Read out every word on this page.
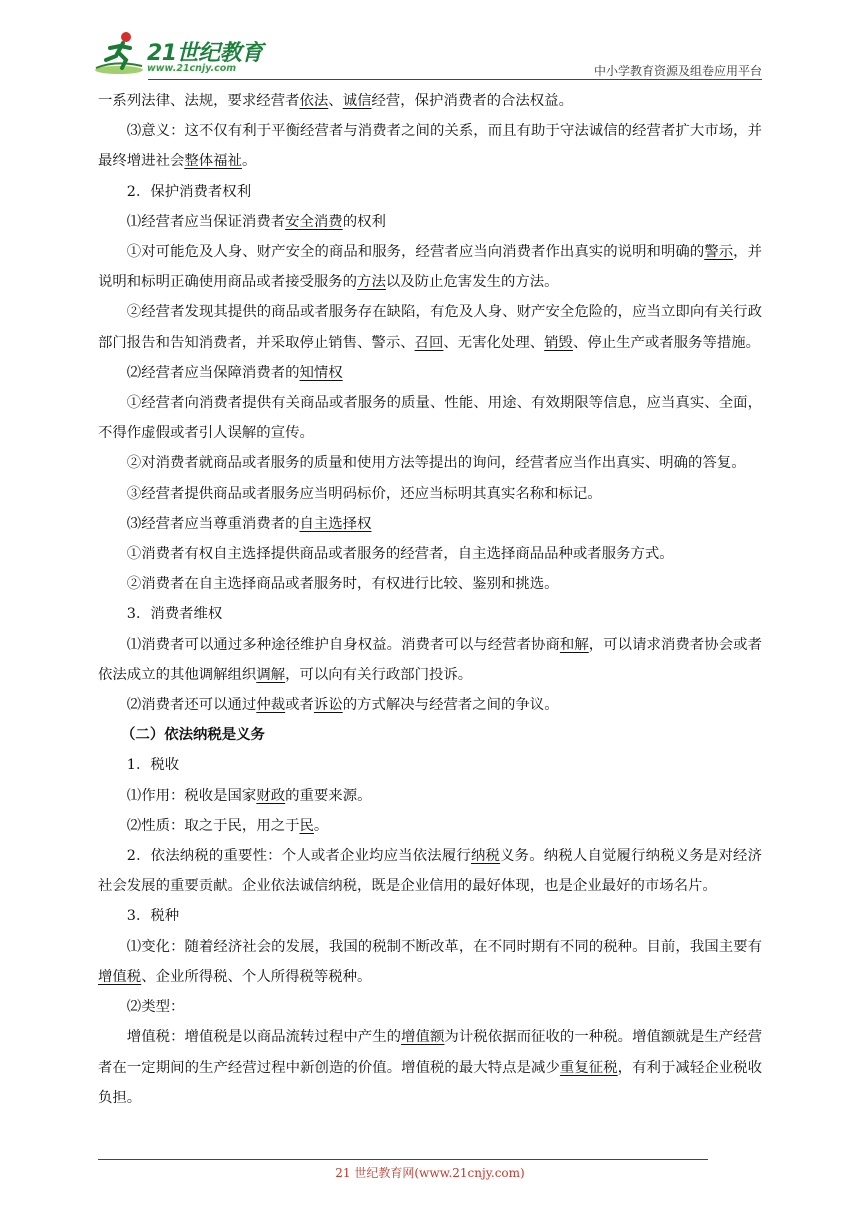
21世纪教育
www.21cnjy.com	中小学教育资源及组卷应用平台

一系列法律、法规，要求经营者依法、诚信经营，保护消费者的合法权益。

⑶意义：这不仅有利于平衡经营者与消费者之间的关系，而且有助于守法诚信的经营者扩大市场，并最终增进社会整体福祉。

2．保护消费者权利

⑴经营者应当保证消费者安全消费的权利

①对可能危及人身、财产安全的商品和服务，经营者应当向消费者作出真实的说明和明确的警示，并说明和标明正确使用商品或者接受服务的方法以及防止危害发生的方法。

②经营者发现其提供的商品或者服务存在缺陷，有危及人身、财产安全危险的，应当立即向有关行政部门报告和告知消费者，并采取停止销售、警示、召回、无害化处理、销毁、停止生产或者服务等措施。

⑵经营者应当保障消费者的知情权

①经营者向消费者提供有关商品或者服务的质量、性能、用途、有效期限等信息，应当真实、全面，不得作虚假或者引人误解的宣传。

②对消费者就商品或者服务的质量和使用方法等提出的询问，经营者应当作出真实、明确的答复。

③经营者提供商品或者服务应当明码标价，还应当标明其真实名称和标记。

⑶经营者应当尊重消费者的自主选择权

①消费者有权自主选择提供商品或者服务的经营者，自主选择商品品种或者服务方式。

②消费者在自主选择商品或者服务时，有权进行比较、鉴别和挑选。

3．消费者维权

⑴消费者可以通过多种途径维护自身权益。消费者可以与经营者协商和解，可以请求消费者协会或者依法成立的其他调解组织调解，可以向有关行政部门投诉。

⑵消费者还可以通过仲裁或者诉讼的方式解决与经营者之间的争议。

（二）依法纳税是义务

1．税收

⑴作用：税收是国家财政的重要来源。

⑵性质：取之于民，用之于民。

2．依法纳税的重要性：个人或者企业均应当依法履行纳税义务。纳税人自觉履行纳税义务是对经济社会发展的重要贡献。企业依法诚信纳税，既是企业信用的最好体现，也是企业最好的市场名片。

3．税种

⑴变化：随着经济社会的发展，我国的税制不断改革，在不同时期有不同的税种。目前，我国主要有增值税、企业所得税、个人所得税等税种。

⑵类型：

增值税：增值税是以商品流转过程中产生的增值额为计税依据而征收的一种税。增值额就是生产经营者在一定期间的生产经营过程中新创造的价值。增值税的最大特点是减少重复征税，有利于减轻企业税收负担。

21 世纪教育网(www.21cnjy.com)
